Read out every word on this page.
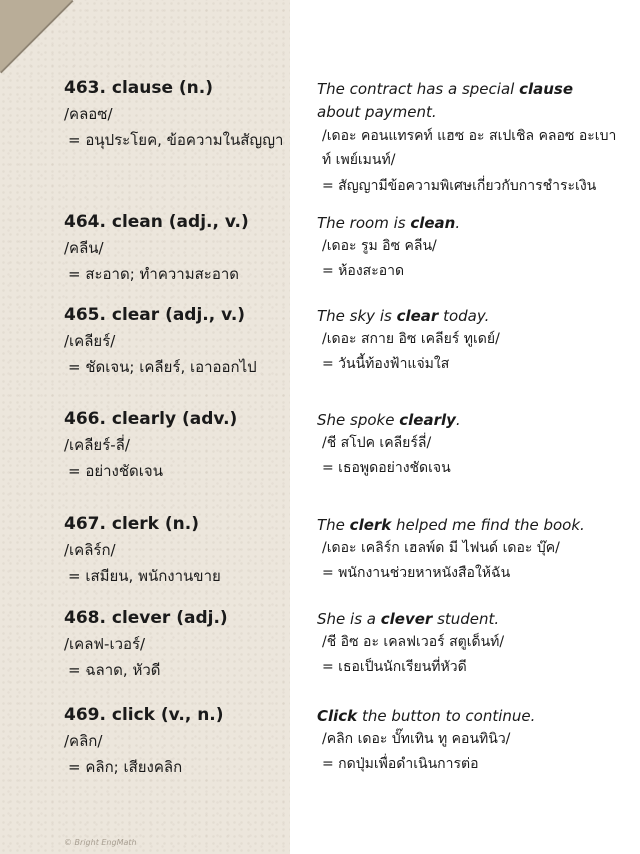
463. clause (n.)
/คลอซ/
= อนุประโยค, ข้อความในสัญญา
The contract has a special clause about payment.
/เดอะ คอนแทรคท์ แฮซ อะ สเปเชิล คลอซ อะเบาท์ เพย์เมนท์/
= สัญญามีข้อความพิเศษเกี่ยวกับการชำระเงิน
464. clean (adj., v.)
/คลีน/
= สะอาด; ทำความสะอาด
The room is clean.
/เดอะ รูม อิซ คลีน/
= ห้องสะอาด
465. clear (adj., v.)
/เคลียร์/
= ชัดเจน; เคลียร์, เอาออกไป
The sky is clear today.
/เดอะ สกาย อิซ เคลียร์ ทูเดย์/
= วันนี้ท้องฟ้าแจ่มใส
466. clearly (adv.)
/เคลียร์-ลี่/
= อย่างชัดเจน
She spoke clearly.
/ชี สโปค เคลียร์ลี่/
= เธอพูดอย่างชัดเจน
467. clerk (n.)
/เคลิร์ก/
= เสมียน, พนักงานขาย
The clerk helped me find the book.
/เดอะ เคลิร์ก เฮลพ์ด มี ไฟนด์ เดอะ บุ๊ค/
= พนักงานช่วยหาหนังสือให้ฉัน
468. clever (adj.)
/เคลฟ-เวอร์/
= ฉลาด, หัวดี
She is a clever student.
/ชี อิซ อะ เคลฟเวอร์ สตูเด็นท์/
= เธอเป็นนักเรียนที่หัวดี
469. click (v., n.)
/คลิก/
= คลิก; เสียงคลิก
Click the button to continue.
/คลิก เดอะ บั๊ทเทิน ทู คอนทินิว/
= กดปุ่มเพื่อดำเนินการต่อ
© Bright EngMath
